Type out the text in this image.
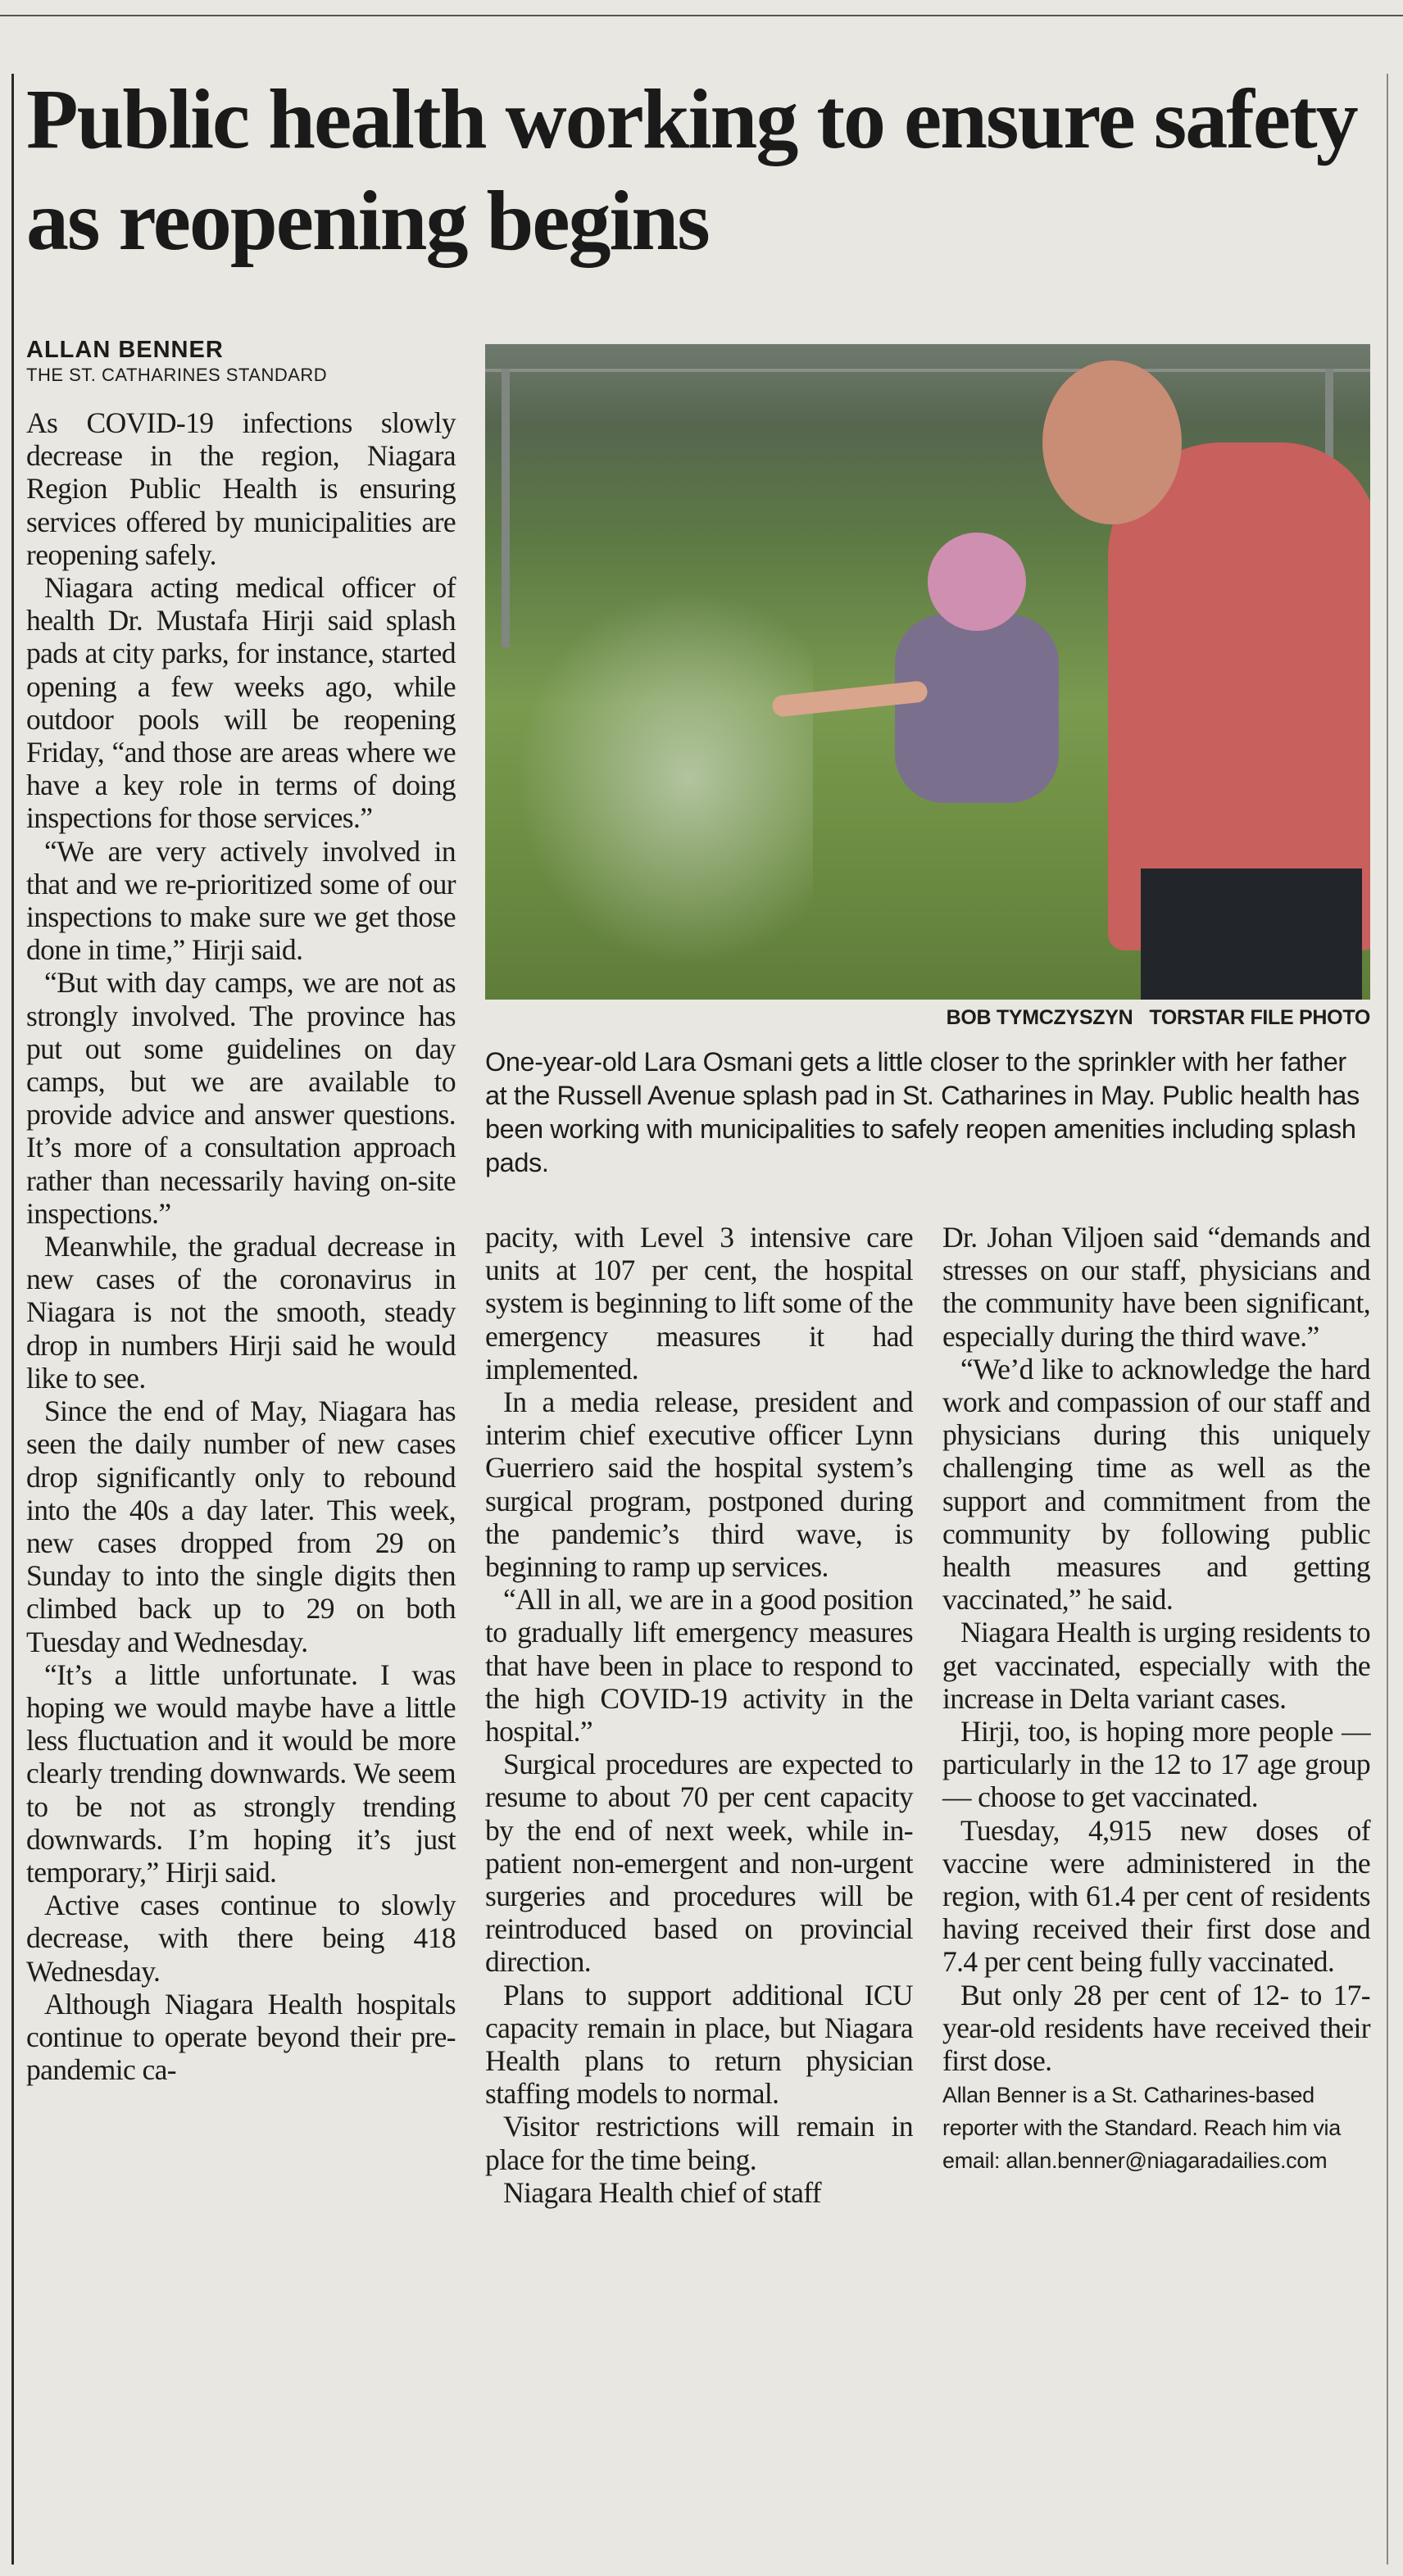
Public health working to ensure safety as reopening begins
ALLAN BENNER
THE ST. CATHARINES STANDARD
BOB TYMCZYSZYN TORSTAR FILE PHOTO
One-year-old Lara Osmani gets a little closer to the sprinkler with her father at the Russell Avenue splash pad in St. Catharines in May. Public health has been working with municipalities to safely reopen amenities including splash pads.

As COVID-19 infections slowly decrease in the region, Niagara Region Public Health is ensuring services offered by municipalities are reopening safely.

Niagara acting medical officer of health Dr. Mustafa Hirji said splash pads at city parks, for instance, started opening a few weeks ago, while outdoor pools will be reopening Friday, “and those are areas where we have a key role in terms of doing inspections for those services.”

“We are very actively involved in that and we re-prioritized some of our inspections to make sure we get those done in time,” Hirji said.

“But with day camps, we are not as strongly involved. The province has put out some guidelines on day camps, but we are available to provide advice and answer questions. It’s more of a consultation approach rather than necessarily having on-site inspections.”

Meanwhile, the gradual decrease in new cases of the coronavirus in Niagara is not the smooth, steady drop in numbers Hirji said he would like to see.

Since the end of May, Niagara has seen the daily number of new cases drop significantly only to rebound into the 40s a day later. This week, new cases dropped from 29 on Sunday to into the single digits then climbed back up to 29 on both Tuesday and Wednesday.

“It’s a little unfortunate. I was hoping we would maybe have a little less fluctuation and it would be more clearly trending downwards. We seem to be not as strongly trending downwards. I’m hoping it’s just temporary,” Hirji said.

Active cases continue to slowly decrease, with there being 418 Wednesday.

Although Niagara Health hospitals continue to operate beyond their pre-pandemic ca-

pacity, with Level 3 intensive care units at 107 per cent, the hospital system is beginning to lift some of the emergency measures it had implemented.

In a media release, president and interim chief executive officer Lynn Guerriero said the hospital system’s surgical program, postponed during the pandemic’s third wave, is beginning to ramp up services.

“All in all, we are in a good position to gradually lift emergency measures that have been in place to respond to the high COVID-19 activity in the hospital.”

Surgical procedures are expected to resume to about 70 per cent capacity by the end of next week, while in-patient non-emergent and non-urgent surgeries and procedures will be reintroduced based on provincial direction.

Plans to support additional ICU capacity remain in place, but Niagara Health plans to return physician staffing models to normal.

Visitor restrictions will remain in place for the time being.

Niagara Health chief of staff

Dr. Johan Viljoen said “demands and stresses on our staff, physicians and the community have been significant, especially during the third wave.”

“We’d like to acknowledge the hard work and compassion of our staff and physicians during this uniquely challenging time as well as the support and commitment from the community by following public health measures and getting vaccinated,” he said.

Niagara Health is urging residents to get vaccinated, especially with the increase in Delta variant cases.

Hirji, too, is hoping more people — particularly in the 12 to 17 age group — choose to get vaccinated.

Tuesday, 4,915 new doses of vaccine were administered in the region, with 61.4 per cent of residents having received their first dose and 7.4 per cent being fully vaccinated.

But only 28 per cent of 12- to 17-year-old residents have received their first dose.

Allan Benner is a St. Catharines-based reporter with the Standard. Reach him via email: allan.benner@niagaradailies.com
